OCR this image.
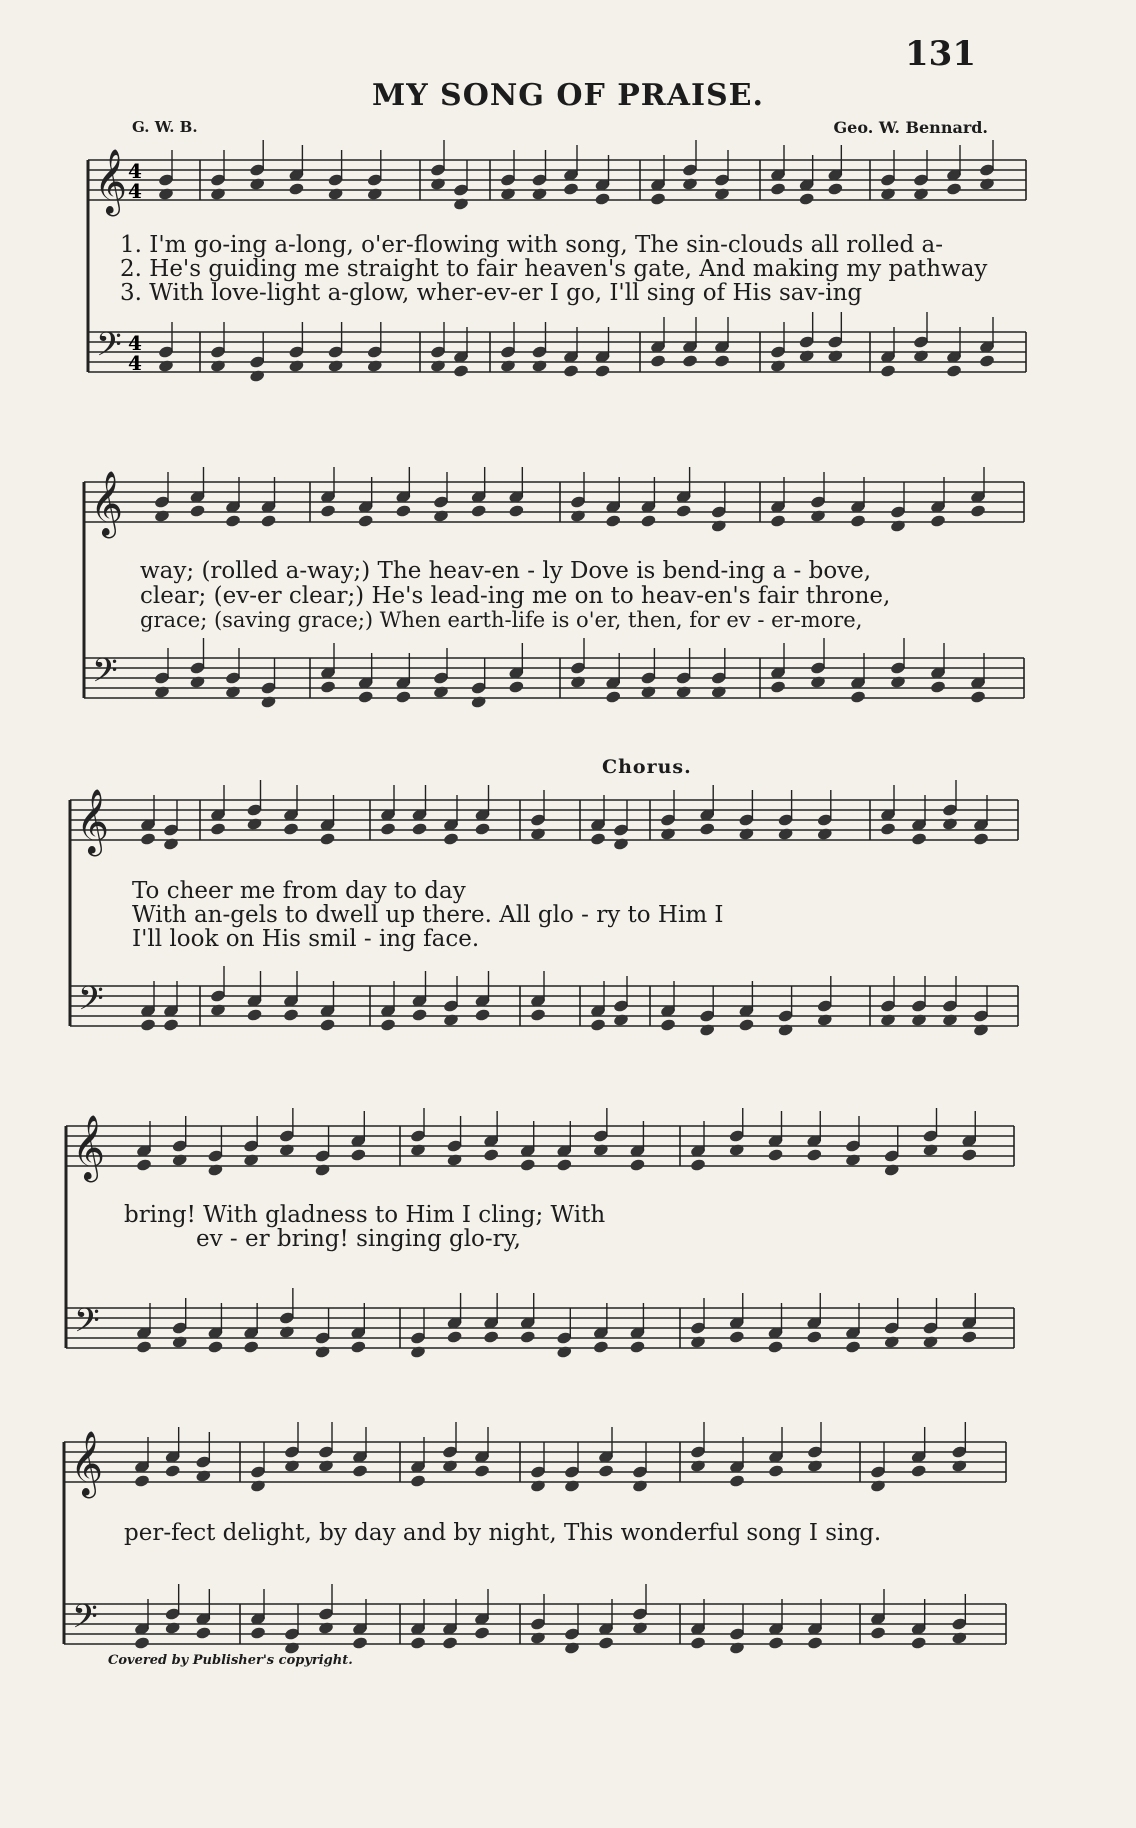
131
MY SONG OF PRAISE.
G. W. B.	Geo. W. Bennard.
𝄞
𝄢
4
4
4
4
1. I'm go-ing a-long, o'er-flowing with song, The sin-clouds all rolled a-
2. He's guiding me straight to fair heaven's gate, And making my pathway
3. With love-light a-glow, wher-ev-er I go, I'll sing of His sav-ing
𝄞
𝄢
way; (rolled a-way;) The heav-en - ly Dove is bend-ing a - bove,
clear; (ev-er clear;) He's lead-ing me on to heav-en's fair throne,
grace; (saving grace;) When earth-life is o'er, then, for ev - er-more,
Chorus.
𝄞
𝄢
To cheer me from day to day
With an-gels to dwell up there. All glo - ry to Him I
I'll look on His smil - ing face.
𝄞
𝄢
bring! With gladness to Him I cling; With
ev - er bring! singing glo-ry,
𝄞
𝄢
per-fect delight, by day and by night, This wonderful song I sing.
Covered by Publisher's copyright.
